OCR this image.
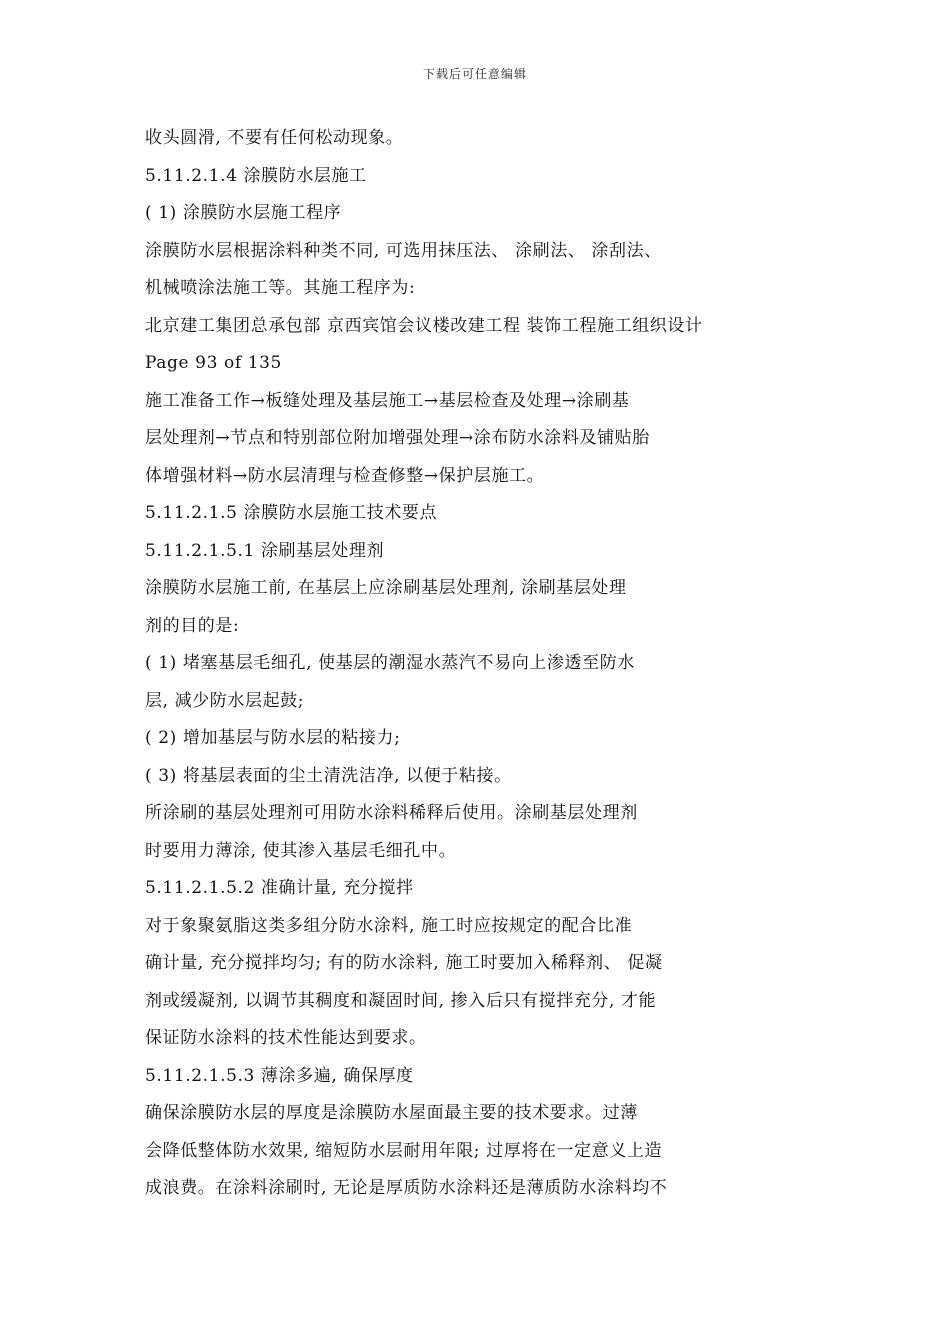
下载后可任意编辑
收头圆滑, 不要有任何松动现象。
5.11.2.1.4 涂膜防水层施工
( 1) 涂膜防水层施工程序
涂膜防水层根据涂料种类不同, 可选用抹压法、 涂刷法、 涂刮法、
机械喷涂法施工等。其施工程序为:
北京建工集团总承包部 京西宾馆会议楼改建工程 装饰工程施工组织设计
Page 93 of 135
施工准备工作→板缝处理及基层施工→基层检查及处理→涂刷基
层处理剂→节点和特别部位附加增强处理→涂布防水涂料及铺贴胎
体增强材料→防水层清理与检查修整→保护层施工。
5.11.2.1.5 涂膜防水层施工技术要点
5.11.2.1.5.1 涂刷基层处理剂
涂膜防水层施工前, 在基层上应涂刷基层处理剂, 涂刷基层处理
剂的目的是:
( 1) 堵塞基层毛细孔, 使基层的潮湿水蒸汽不易向上渗透至防水
层, 减少防水层起鼓;
( 2) 增加基层与防水层的粘接力;
( 3) 将基层表面的尘土清洗洁净, 以便于粘接。
所涂刷的基层处理剂可用防水涂料稀释后使用。涂刷基层处理剂
时要用力薄涂, 使其渗入基层毛细孔中。
5.11.2.1.5.2 准确计量, 充分搅拌
对于象聚氨脂这类多组分防水涂料, 施工时应按规定的配合比准
确计量, 充分搅拌均匀; 有的防水涂料, 施工时要加入稀释剂、 促凝
剂或缓凝剂, 以调节其稠度和凝固时间, 掺入后只有搅拌充分, 才能
保证防水涂料的技术性能达到要求。
5.11.2.1.5.3 薄涂多遍, 确保厚度
确保涂膜防水层的厚度是涂膜防水屋面最主要的技术要求。过薄
会降低整体防水效果, 缩短防水层耐用年限; 过厚将在一定意义上造
成浪费。在涂料涂刷时, 无论是厚质防水涂料还是薄质防水涂料均不
